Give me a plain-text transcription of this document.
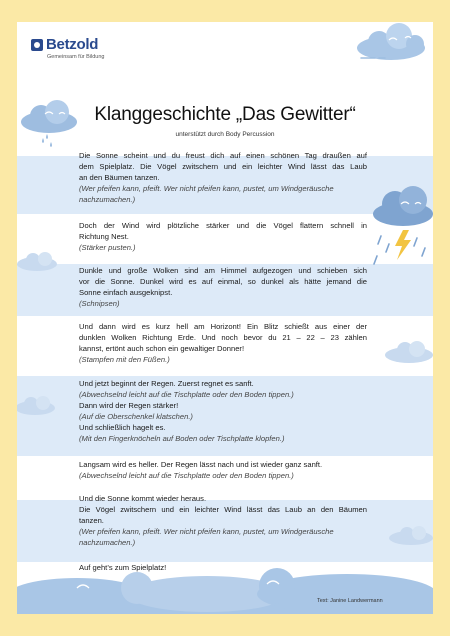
Betzold
Gemeinsam für Bildung
Klanggeschichte „Das Gewitter“
unterstützt durch Body Percussion
Die Sonne scheint und du freust dich auf einen schönen Tag draußen auf
dem Spielplatz. Die Vögel zwitschern und ein leichter Wind lässt das Laub
an den Bäumen tanzen.
(Wer pfeifen kann, pfeift. Wer nicht pfeifen kann, pustet, um Windgeräusche
nachzumachen.)
Doch der Wind wird plötzliche stärker und die Vögel flattern schnell in
Richtung Nest.
(Stärker pusten.)
Dunkle und große Wolken sind am Himmel aufgezogen und schieben sich
vor die Sonne. Dunkel wird es auf einmal, so dunkel als hätte jemand die
Sonne einfach ausgeknipst.
(Schnipsen)
Und dann wird es kurz hell am Horizont! Ein Blitz schießt aus einer der
dunklen Wolken Richtung Erde. Und noch bevor du 21 – 22 – 23 zählen
kannst, ertönt auch schon ein gewaltiger Donner!
(Stampfen mit den Füßen.)
Und jetzt beginnt der Regen. Zuerst regnet es sanft.
(Abwechselnd leicht auf die Tischplatte oder den Boden tippen.)
Dann wird der Regen stärker!
(Auf die Oberschenkel klatschen.)
Und schließlich hagelt es.
(Mit den Fingerknöcheln auf Boden oder Tischplatte klopfen.)
Langsam wird es heller. Der Regen lässt nach und ist wieder ganz sanft.
(Abwechselnd leicht auf die Tischplatte oder den Boden tippen.)
Und die Sonne kommt wieder heraus.
Die Vögel zwitschern und ein leichter Wind lässt das Laub an den Bäumen
tanzen.
(Wer pfeifen kann, pfeift. Wer nicht pfeifen kann, pustet, um Windgeräusche
nachzumachen.)
Auf geht’s zum Spielplatz!
Text: Janine Landwermann
